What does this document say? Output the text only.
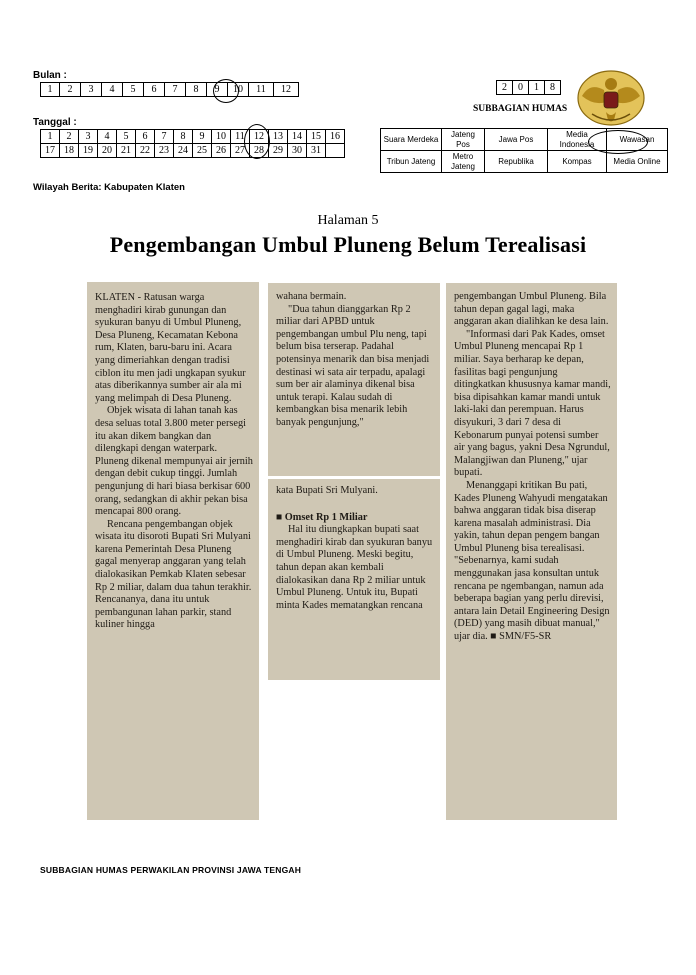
Bulan :
1	2	3	4	5	6	7	8	9	10	11	12
Tanggal :
1	2	3	4	5	6	7	8	9	10	11	12	13	14	15	16
17	18	19	20	21	22	23	24	25	26	27	28	29	30	31	
Wilayah Berita: Kabupaten Klaten
2	0	1	8
SUBBAGIAN HUMAS
Suara Merdeka	Jateng Pos	Jawa Pos	Media Indonesia	Wawasan
Tribun Jateng	Metro Jateng	Republika	Kompas	Media Online
Halaman 5
Pengembangan Umbul Pluneng Belum Terealisasi

KLATEN - Ratusan warga menghadiri kirab gunungan dan syukuran banyu di Umbul Pluneng, Desa Pluneng, Kecamatan Kebona rum, Klaten, baru-baru ini. Acara yang dimeriahkan dengan tradisi ciblon itu men jadi ungkapan syukur atas diberikannya sumber air ala mi yang melimpah di Desa Pluneng.

Objek wisata di lahan tanah kas desa seluas total 3.800 meter persegi itu akan dikem bangkan dan dilengkapi dengan waterpark. Pluneng dikenal mempunyai air jernih dengan debit cukup tinggi. Jumlah pengunjung di hari biasa berkisar 600 orang, sedangkan di akhir pekan bisa mencapai 800 orang.

Rencana pengembangan objek wisata itu disoroti Bupati Sri Mulyani karena Pemerintah Desa Pluneng gagal menyerap anggaran yang telah dialokasikan Pemkab Klaten sebesar Rp 2 miliar, dalam dua tahun terakhir. Rencananya, dana itu untuk pembangunan lahan parkir, stand kuliner hingga

wahana bermain.

"Dua tahun dianggarkan Rp 2 miliar dari APBD untuk pengembangan umbul Plu neng, tapi belum bisa terserap. Padahal potensinya menarik dan bisa menjadi destinasi wi sata air terpadu, apalagi sum ber air alaminya dikenal bisa untuk terapi. Kalau sudah di kembangkan bisa menarik lebih banyak pengunjung,"

kata Bupati Sri Mulyani.

■ Omset Rp 1 Miliar

Hal itu diungkapkan bupati saat menghadiri kirab dan syukuran banyu di Umbul Pluneng. Meski begitu, tahun depan akan kembali dialokasikan dana Rp 2 miliar untuk Umbul Pluneng. Untuk itu, Bupati minta Kades mematangkan rencana

pengembangan Umbul Pluneng. Bila tahun depan gagal lagi, maka anggaran akan dialihkan ke desa lain.

"Informasi dari Pak Kades, omset Umbul Pluneng mencapai Rp 1 miliar. Saya berharap ke depan, fasilitas bagi pengunjung ditingkatkan khususnya kamar mandi, bisa dipisahkan kamar mandi untuk laki-laki dan perempuan. Harus disyukuri, 3 dari 7 desa di Kebonarum punyai potensi sumber air yang bagus, yakni Desa Ngrundul, Malangjiwan dan Pluneng," ujar bupati.

Menanggapi kritikan Bu pati, Kades Pluneng Wahyudi mengatakan bahwa anggaran tidak bisa diserap karena masalah administrasi. Dia yakin, tahun depan pengem bangan Umbul Pluneng bisa terealisasi. "Sebenarnya, kami sudah menggunakan jasa konsultan untuk rencana pe ngembangan, namun ada beberapa bagian yang perlu direvisi, antara lain Detail Engineering Design (DED) yang masih dibuat manual," ujar dia. ■ SMN/F5-SR

SUBBAGIAN HUMAS PERWAKILAN PROVINSI JAWA TENGAH
